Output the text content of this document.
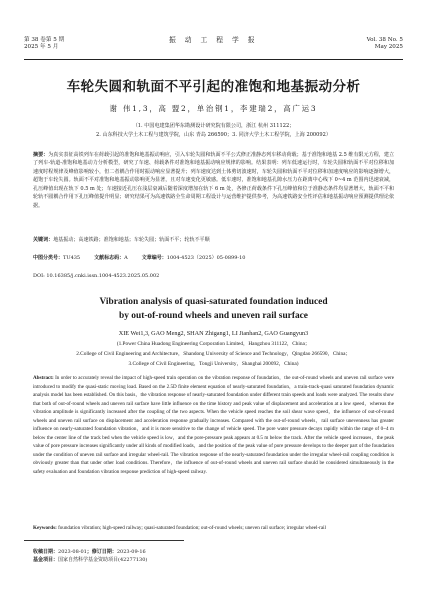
第 38 卷第 5 期
2025 年 5 月
振 动 工 程 学 报	Vol. 38 No. 5
May 2025
车轮失圆和轨面不平引起的准饱和地基振动分析
谢 伟1,3，高 盟2，单治钢1，李建瑞2，高广运3
（1. 中国电建集团华东勘测设计研究院有限公司，浙江 杭州 311122；
2. 山东科技大学土木工程与建筑学院，山东 青岛 266590；3. 同济大学土木工程学院，上海 200092）
摘要：为真实表征高铁列车在荷载引起的准饱和地基振动响应，引入车轮失圆和轨面不平公式修正准静态列车移动荷载；基于准饱和地基 2.5 维有限元方程，建立了列车-轨道-准饱和地基动力分析模型，研究了车速、荷载条件对准饱和地基振动响应规律的影响。结果表明：列车低速运行时，车轮失圆和轨面不平对位移和加速度时程规律及峰值影响较小，但二者耦合作用时振动响应显著提升；列车速度达到土体剪切波速时，车轮失圆和轨面不平对位移和加速度响应的影响逐渐增大，超饱于车轮失圆。轨面不平对准饱和地基振动影响更为显著，且对车速变化更敏感。低车速时，准饱和地基孔隙水压力在距离中心线下 0~4 m 范围内迅速衰减，孔压峰值出现在轨下 0.5 m 处；车速接近孔压在浅层衰减后随着深度增加在轨下 6 m 处，各修正荷载条件下孔压峰值和位于准静态条件均显著增大，轨面不平和轮轨不圆耦合作用下孔压峰值提升明显；研究结果可为高速铁路全生命周期工程设计与运营维护提供参考，为高速铁路安全性评估和地基振动响应预测提供理论依据。
关键词：地基振动；高速铁路；准饱和地基；车轮失圆；轨面不平；轮轨不平顺
中图分类号：TU435	文献标志码：A	文章编号：1004-4523（2025）05-0899-10
DOI: 10.16385/j.cnki.issn.1004-4523.2025.05.002
Vibration analysis of quasi-saturated foundation induced
by out-of-round wheels and uneven rail surface
XIE Wei1,3, GAO Meng2, SHAN Zhigang1, LI Jianhan2, GAO Guangyun3
(1.Power China Huadong Engineering Corporation Limited，Hangzhou 311122，China；
2.College of Civil Engineering and Architecture，Shandong University of Science and Technology，Qingdao 266590，China；
3.College of Civil Engineering，Tongji University，Shanghai 200092，China)
Abstract: In order to accurately reveal the impact of high-speed train operation on the vibration response of foundation，the out-of-round wheels and uneven rail surface were introduced to modify the quasi-static moving load. Based on the 2.5D finite element equation of nearly-saturated foundation，a train-track-quasi saturated foundation dynamic analysis model has been established. On this basis，the vibration response of nearly-saturated foundation under different train speeds and loads were analyzed. The results show that both of out-of-round wheels and uneven rail surface have little influence on the time history and peak value of displacement and acceleration at a low speed，whereas the vibration amplitude is significantly increased after the coupling of the two aspects. When the vehicle speed reaches the soil shear wave speed，the influence of out-of-round wheels and uneven rail surface on displacement and acceleration response gradually increases. Compared with the out-of-round wheels，rail surface unevenness has greater influence on nearly-saturated foundation vibration，and it is more sensitive to the change of vehicle speed. The pore water pressure decays rapidly within the range of 0~4 m below the center line of the track bed when the vehicle speed is low，and the pore-pressure peak appears at 0.5 m below the track. After the vehicle speed increases，the peak value of pore pressure increases significantly under all kinds of modified loads，and the position of the peak value of pore pressure develops to the deeper part of the foundation under the condition of uneven rail surface and irregular wheel-rail. The vibration response of the nearly-saturated foundation under the irregular wheel-rail coupling condition is obviously greater than that under other load conditions. Therefore，the influence of out-of-round wheels and uneven rail surface should be considered simultaneously in the safety evaluation and foundation vibration response prediction of high-speed railway.
Keywords: foundation vibration; high-speed railway; quasi-saturated foundation; out-of-round wheels; uneven rail surface; irregular wheel-rail
收稿日期：2023-08-01；修订日期：2023-09-16
基金项目：国家自然科学基金资助项目(42277130)
